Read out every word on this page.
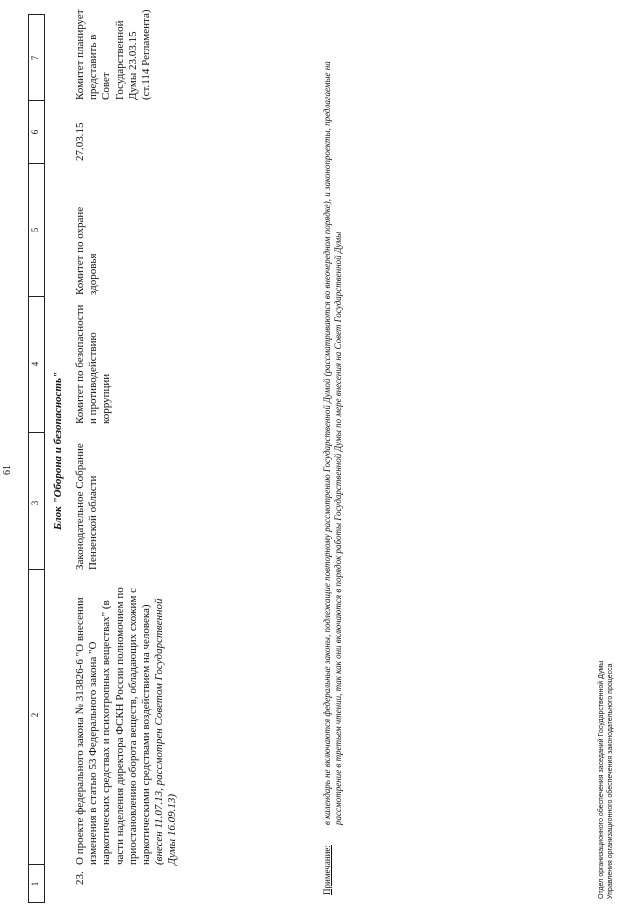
61
1
2
3
4
5
6
7
Блок "Оборона и безопасность"
23.
О проекте федерального закона № 313826-6 "О внесении изменения в статью 53 Федерального закона "О наркотических средствах и психотропных веществах" (в части наделения директора ФСКН России полномочием по приостановлению оборота веществ, обладающих схожим с наркотическими средствами воздействием на человека) (внесен 11.07.13, рассмотрен Советом Государственной Думы 16.09.13)
Законодательное Собрание Пензенской области
Комитет по безопасности и противодействию коррупции
Комитет по охране здоровья
27.03.15
Комитет планирует представить в Совет Государственной Думы 23.03.15 (ст.114 Регламента)
Примечание:
в календарь не включаются федеральные законы, подлежащие повторному рассмотрению Государственной Думой (рассматриваются во внеочередном порядке), и законопроекты, предлагаемые на рассмотрение в третьем чтении, так как они включаются в порядок работы Государственной Думы по мере внесения на Совет Государственной Думы	Отдел организационного обеспечения заседаний Государственной Думы Управления организационного обеспечения законодательного процесса
